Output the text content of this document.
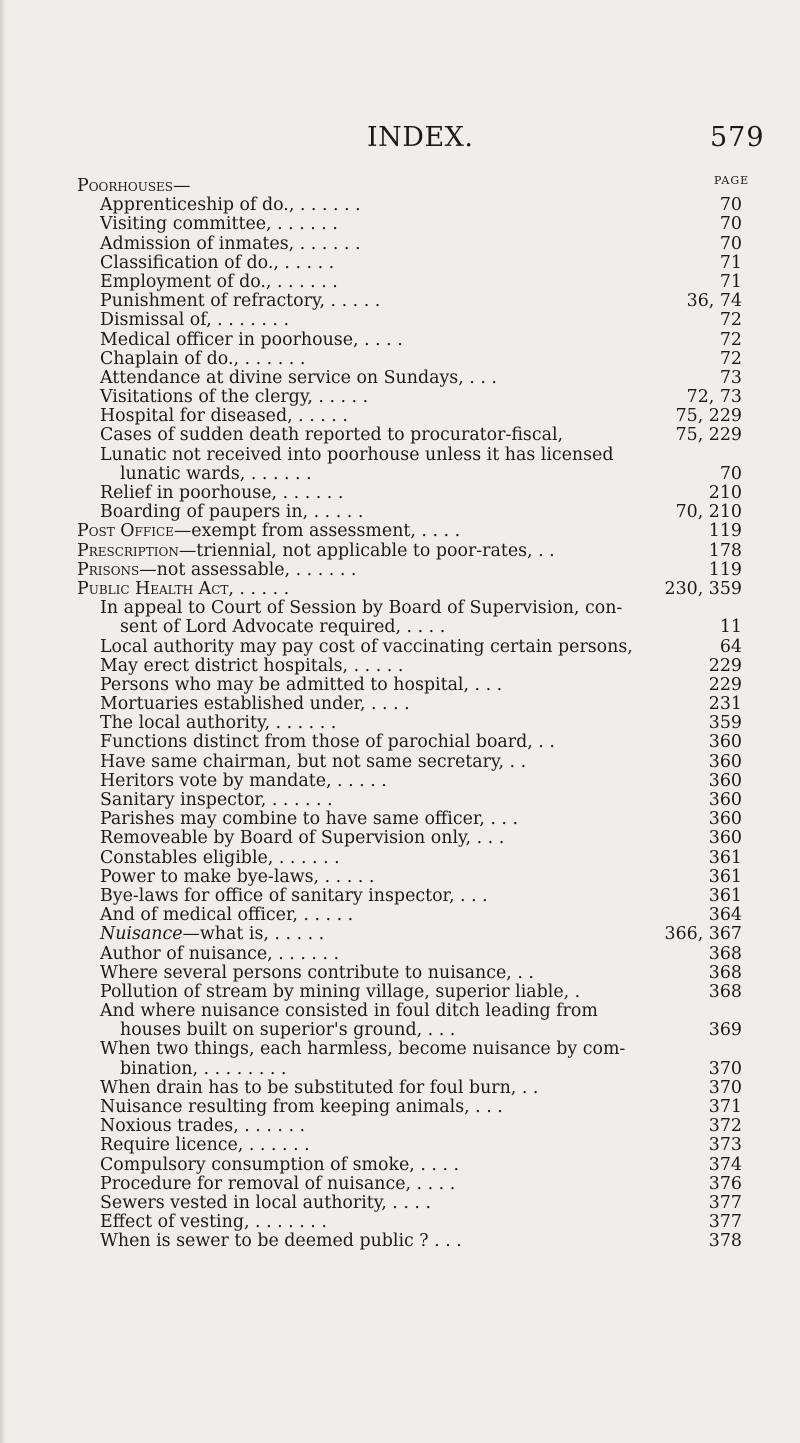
INDEX.	579
PAGE
Poorhouses—
Apprenticeship of do., . . . . . .	70
Visiting committee, . . . . . .	70
Admission of inmates, . . . . . .	70
Classification of do., . . . . .	71
Employment of do., . . . . . .	71
Punishment of refractory, . . . . .	36, 74
Dismissal of, . . . . . . .	72
Medical officer in poorhouse, . . . .	72
Chaplain of do., . . . . . .	72
Attendance at divine service on Sundays, . . .	73
Visitations of the clergy, . . . . .	72, 73
Hospital for diseased, . . . . .	75, 229
Cases of sudden death reported to procurator-fiscal,	75, 229
Lunatic not received into poorhouse unless it has licensed
lunatic wards, . . . . . .	70
Relief in poorhouse, . . . . . .	210
Boarding of paupers in, . . . . .	70, 210
Post Office—exempt from assessment, . . . .	119
Prescription—triennial, not applicable to poor-rates, . .	178
Prisons—not assessable, . . . . . .	119
Public Health Act, . . . . .	230, 359
In appeal to Court of Session by Board of Supervision, con-
sent of Lord Advocate required, . . . .	11
Local authority may pay cost of vaccinating certain persons,	64
May erect district hospitals, . . . . .	229
Persons who may be admitted to hospital, . . .	229
Mortuaries established under, . . . .	231
The local authority, . . . . . .	359
Functions distinct from those of parochial board, . .	360
Have same chairman, but not same secretary, . .	360
Heritors vote by mandate, . . . . .	360
Sanitary inspector, . . . . . .	360
Parishes may combine to have same officer, . . .	360
Removeable by Board of Supervision only, . . .	360
Constables eligible, . . . . . .	361
Power to make bye-laws, . . . . .	361
Bye-laws for office of sanitary inspector, . . .	361
And of medical officer, . . . . .	364
Nuisance—what is, . . . . .	366, 367
Author of nuisance, . . . . . .	368
Where several persons contribute to nuisance, . .	368
Pollution of stream by mining village, superior liable, .	368
And where nuisance consisted in foul ditch leading from
houses built on superior's ground, . . .	369
When two things, each harmless, become nuisance by com-
bination, . . . . . . . .	370
When drain has to be substituted for foul burn, . .	370
Nuisance resulting from keeping animals, . . .	371
Noxious trades, . . . . . .	372
Require licence, . . . . . .	373
Compulsory consumption of smoke, . . . .	374
Procedure for removal of nuisance, . . . .	376
Sewers vested in local authority, . . . .	377
Effect of vesting, . . . . . . .	377
When is sewer to be deemed public ? . . .	378
